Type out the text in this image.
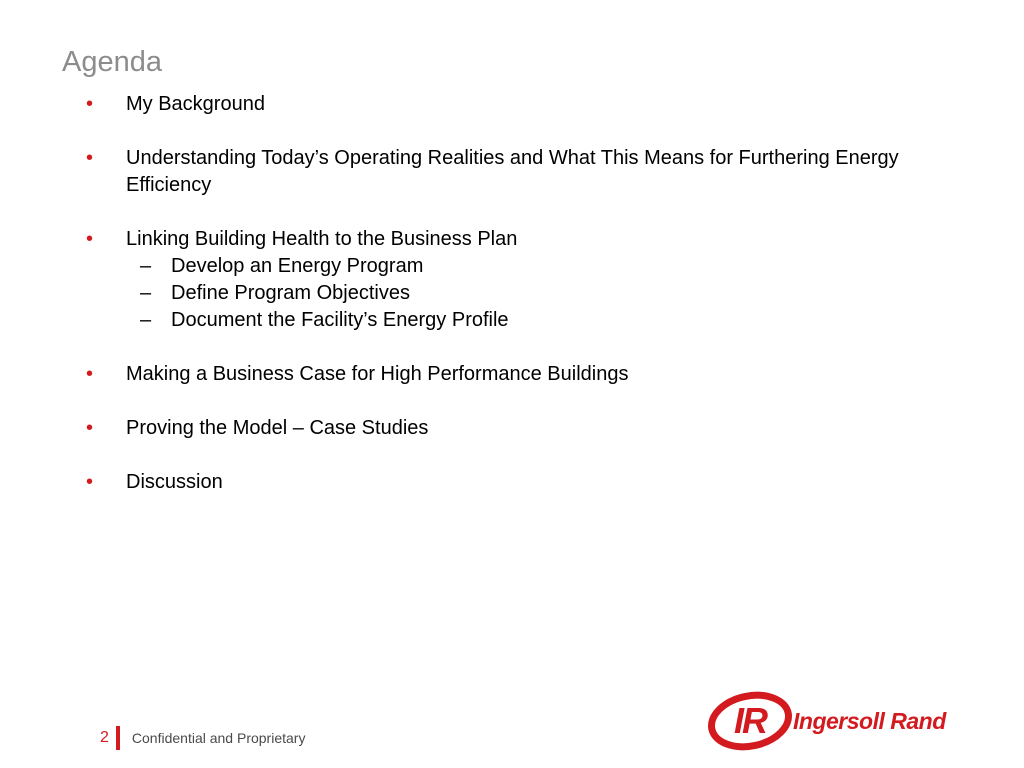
Agenda
• My Background
• Understanding Today’s Operating Realities and What This Means for Furthering Energy Efficiency
• Linking Building Health to the Business Plan
– Develop an Energy Program
– Define Program Objectives
– Document the Facility’s Energy Profile
• Making a Business Case for High Performance Buildings
• Proving the Model – Case Studies
• Discussion
2 Confidential and Proprietary	IR Ingersoll Rand
